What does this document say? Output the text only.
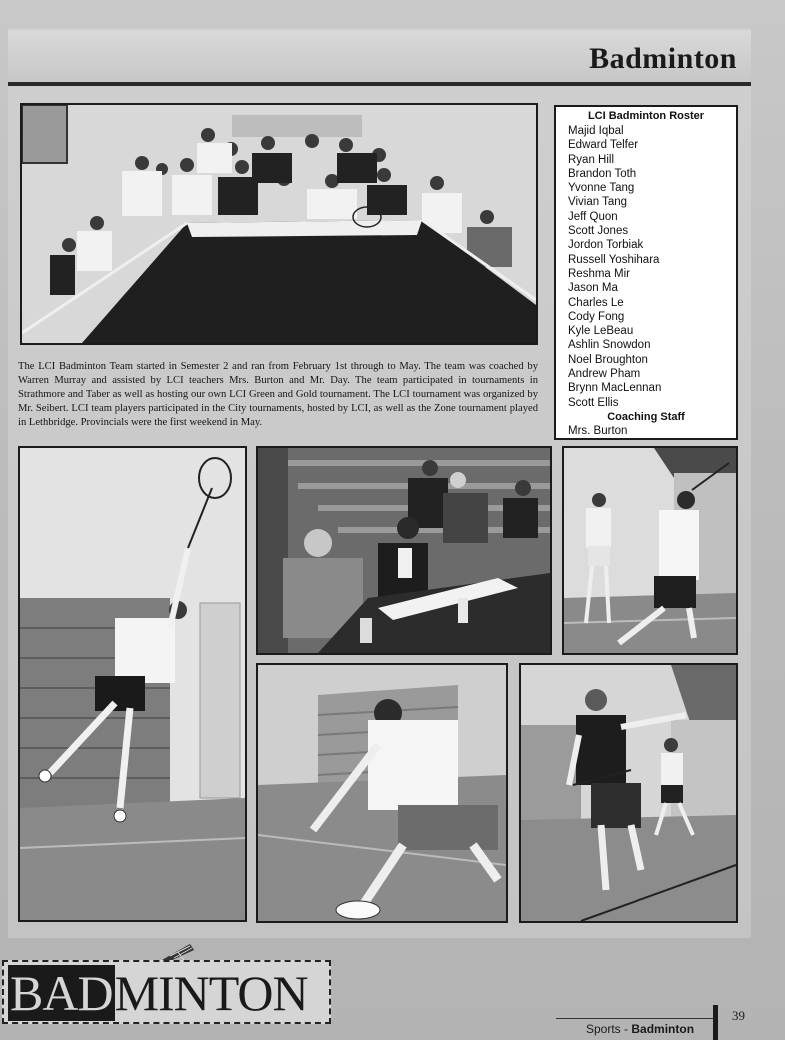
Badminton
LCI Badminton Roster
Majid Iqbal
Edward Telfer
Ryan Hill
Brandon Toth
Yvonne Tang
Vivian Tang
Jeff Quon
Scott Jones
Jordon Torbiak
Russell Yoshihara
Reshma Mir
Jason Ma
Charles Le
Cody Fong
Kyle LeBeau
Ashlin Snowdon
Noel Broughton
Andrew Pham
Brynn MacLennan
Scott Ellis
Coaching Staff
Mrs. Burton
The LCI Badminton Team started in Semester 2 and ran from February 1st through to May. The team was coached by Warren Murray and assisted by LCI teachers Mrs. Burton and Mr. Day. The team participated in tournaments in Strathmore and Taber as well as hosting our own LCI Green and Gold tournament. The LCI tournament was organized by Mr. Seibert. LCI team players participated in the City tournaments, hosted by LCI, as well as the Zone tournament played in Lethbridge. Provincials were the first weekend in May.
BADMINTON
Sports - Badminton
39
